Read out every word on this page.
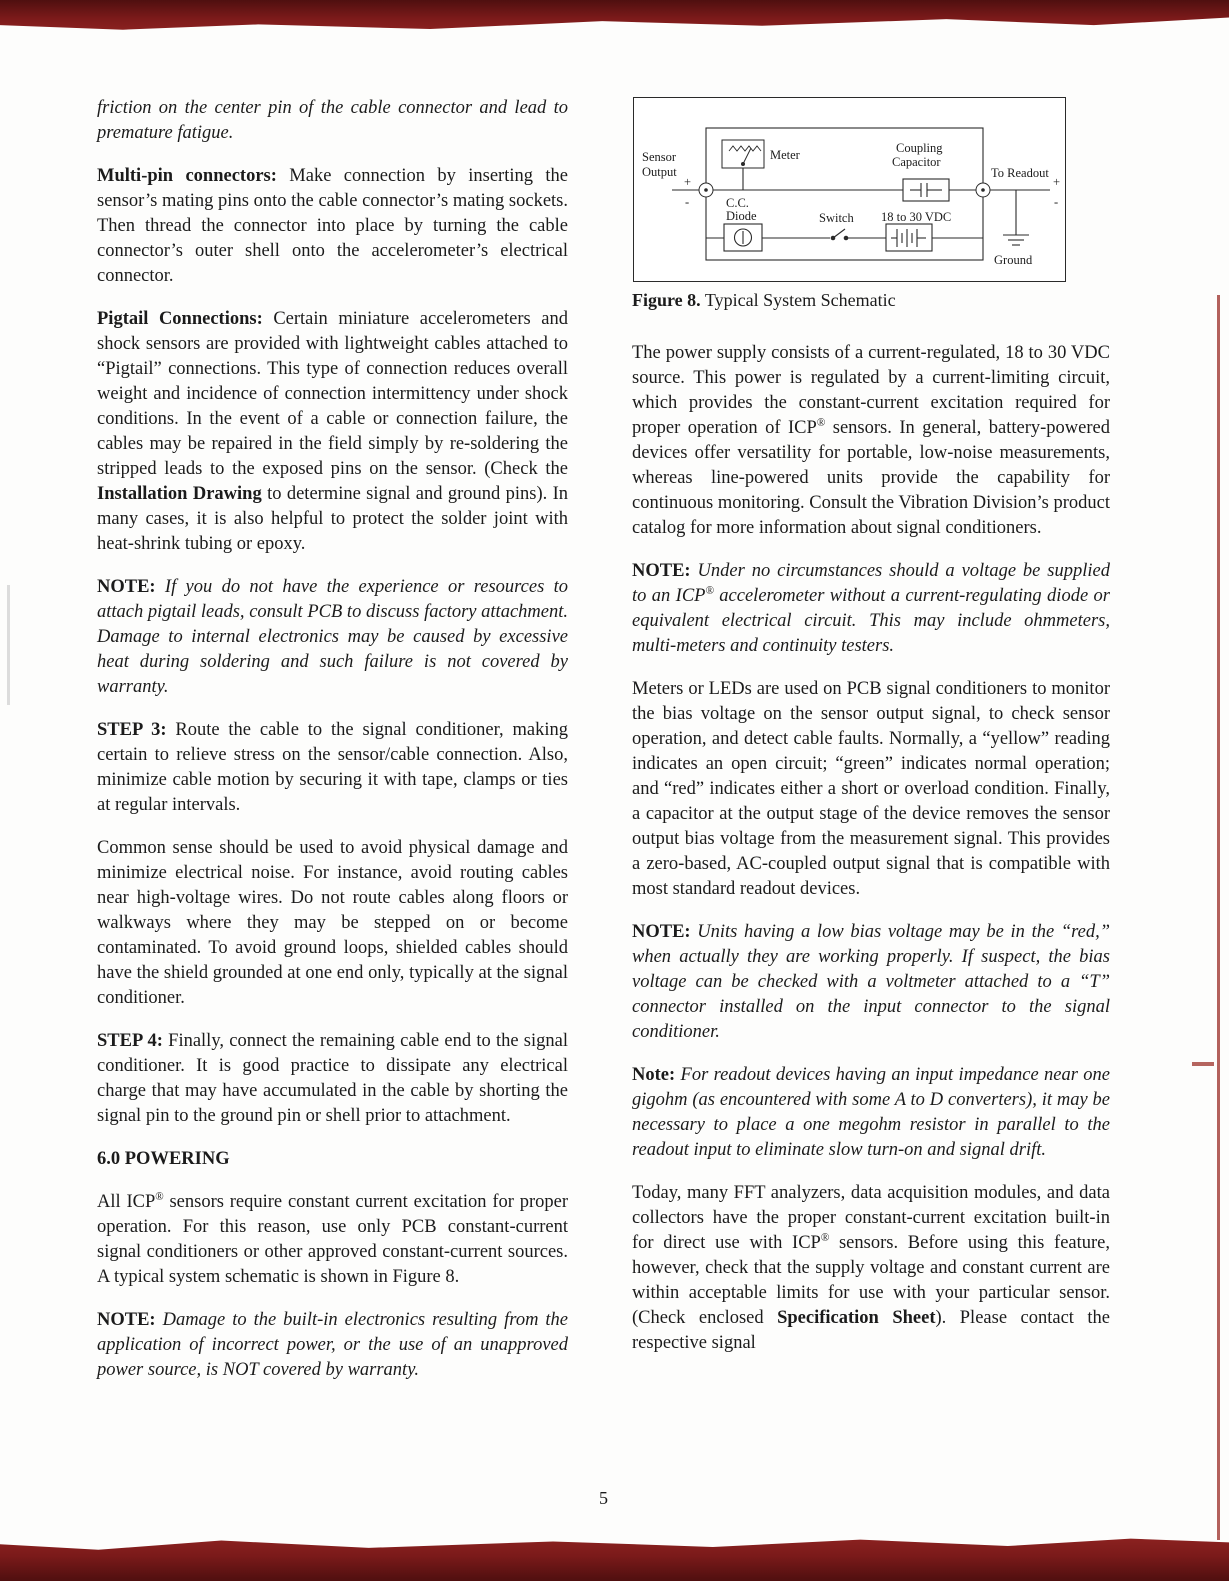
friction on the center pin of the cable connector and lead to premature fatigue.

Multi-pin connectors: Make connection by inserting the sensor’s mating pins onto the cable connector’s mating sockets. Then thread the connector into place by turning the cable connector’s outer shell onto the accelerometer’s electrical connector.

Pigtail Connections: Certain miniature accelerometers and shock sensors are provided with lightweight cables attached to “Pigtail” connections. This type of connection reduces overall weight and incidence of connection intermittency under shock conditions. In the event of a cable or connection failure, the cables may be repaired in the field simply by re-soldering the stripped leads to the exposed pins on the sensor. (Check the Installation Drawing to determine signal and ground pins). In many cases, it is also helpful to protect the solder joint with heat-shrink tubing or epoxy.

NOTE: If you do not have the experience or resources to attach pigtail leads, consult PCB to discuss factory attachment. Damage to internal electronics may be caused by excessive heat during soldering and such failure is not covered by warranty.

STEP 3: Route the cable to the signal conditioner, making certain to relieve stress on the sensor/cable connection. Also, minimize cable motion by securing it with tape, clamps or ties at regular intervals.

Common sense should be used to avoid physical damage and minimize electrical noise. For instance, avoid routing cables near high-voltage wires. Do not route cables along floors or walkways where they may be stepped on or become contaminated. To avoid ground loops, shielded cables should have the shield grounded at one end only, typically at the signal conditioner.

STEP 4: Finally, connect the remaining cable end to the signal conditioner. It is good practice to dissipate any electrical charge that may have accumulated in the cable by shorting the signal pin to the ground pin or shell prior to attachment.

6.0 POWERING

All ICP® sensors require constant current excitation for proper operation. For this reason, use only PCB constant-current signal conditioners or other approved constant-current sources. A typical system schematic is shown in Figure 8.

NOTE: Damage to the built-in electronics resulting from the application of incorrect power, or the use of an unapproved power source, is NOT covered by warranty.

Sensor
Output
+
-
Meter	Coupling
Capacitor
To Readout
+
-
C.C.
Diode	Switch 18 to 30 VDC
Ground
Figure 8. Typical System Schematic

The power supply consists of a current-regulated, 18 to 30 VDC source. This power is regulated by a current-limiting circuit, which provides the constant-current excitation required for proper operation of ICP® sensors. In general, battery-powered devices offer versatility for portable, low-noise measurements, whereas line-powered units provide the capability for continuous monitoring. Consult the Vibration Division’s product catalog for more information about signal conditioners.

NOTE: Under no circumstances should a voltage be supplied to an ICP® accelerometer without a current-regulating diode or equivalent electrical circuit. This may include ohmmeters, multi-meters and continuity testers.

Meters or LEDs are used on PCB signal conditioners to monitor the bias voltage on the sensor output signal, to check sensor operation, and detect cable faults. Normally, a “yellow” reading indicates an open circuit; “green” indicates normal operation; and “red” indicates either a short or overload condition. Finally, a capacitor at the output stage of the device removes the sensor output bias voltage from the measurement signal. This provides a zero-based, AC-coupled output signal that is compatible with most standard readout devices.

NOTE: Units having a low bias voltage may be in the “red,” when actually they are working properly. If suspect, the bias voltage can be checked with a voltmeter attached to a “T” connector installed on the input connector to the signal conditioner.

Note: For readout devices having an input impedance near one gigohm (as encountered with some A to D converters), it may be necessary to place a one megohm resistor in parallel to the readout input to eliminate slow turn-on and signal drift.

Today, many FFT analyzers, data acquisition modules, and data collectors have the proper constant-current excitation built-in for direct use with ICP® sensors. Before using this feature, however, check that the supply voltage and constant current are within acceptable limits for use with your particular sensor. (Check enclosed Specification Sheet). Please contact the respective signal

5
